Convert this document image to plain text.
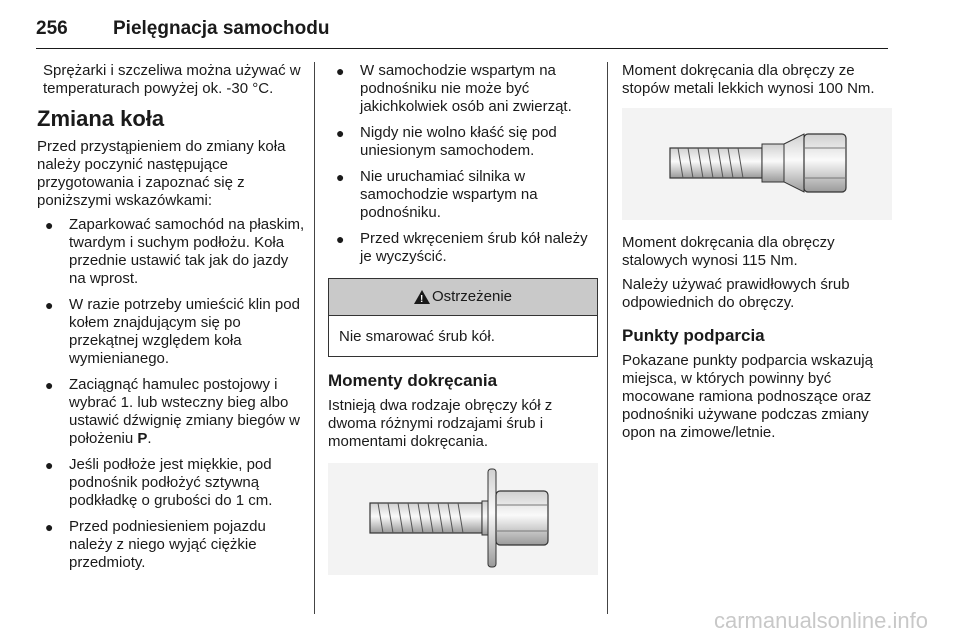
256 Pielęgnacja samochodu

Sprężarki i szczeliwa można używać w temperaturach powyżej ok. -30 °C.

Zmiana koła

Przed przystąpieniem do zmiany koła należy poczynić następujące przygotowania i zapoznać się z poniższymi wskazówkami:

● Zaparkować samochód na płaskim, twardym i suchym podłożu. Koła przednie ustawić tak jak do jazdy na wprost.
● W razie potrzeby umieścić klin pod kołem znajdującym się po przekątnej względem koła wymienianego.
● Zaciągnąć hamulec postojowy i wybrać 1. lub wsteczny bieg albo ustawić dźwignię zmiany biegów w położeniu P.
● Jeśli podłoże jest miękkie, pod podnośnik podłożyć sztywną podkładkę o grubości do 1 cm.
● Przed podniesieniem pojazdu należy z niego wyjąć ciężkie przedmioty.
● W samochodzie wspartym na podnośniku nie może być jakichkolwiek osób ani zwierząt.
● Nigdy nie wolno kłaść się pod uniesionym samochodem.
● Nie uruchamiać silnika w samochodzie wspartym na podnośniku.
● Przed wkręceniem śrub kół należy je wyczyścić.
!
Ostrzeżenie
Nie smarować śrub kół.
Momenty dokręcania

Istnieją dwa rodzaje obręczy kół z dwoma różnymi rodzajami śrub i momentami dokręcania.

Moment dokręcania dla obręczy ze stopów metali lekkich wynosi 100 Nm.

Moment dokręcania dla obręczy stalowych wynosi 115 Nm.

Należy używać prawidłowych śrub odpowiednich do obręczy.

Punkty podparcia

Pokazane punkty podparcia wskazują miejsca, w których powinny być mocowane ramiona podnoszące oraz podnośniki używane podczas zmiany opon na zimowe/letnie.

carmanualsonline.info
